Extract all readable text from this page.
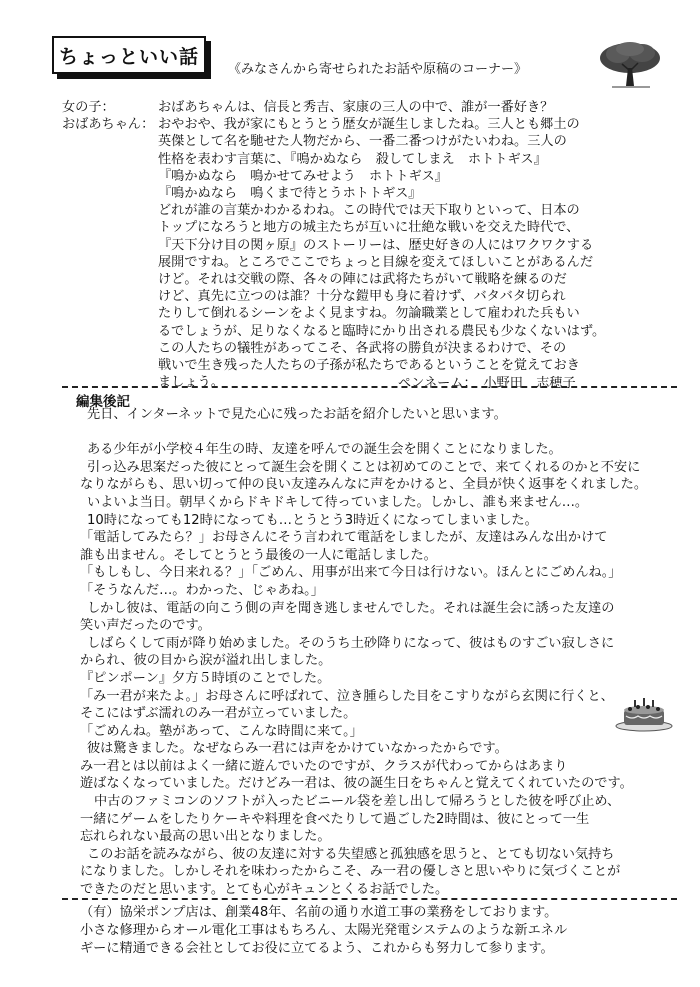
ちょっといい話
《みなさんから寄せられたお話や原稿のコーナー》
女の子：	おばあちゃんは、信長と秀吉、家康の三人の中で、誰が一番好き？

おばあちゃん： おやおや、我が家にもとうとう歴女が誕生しましたね。三人とも郷土の

英傑として名を馳せた人物だから、一番二番つけがたいわね。三人の

性格を表わす言葉に、『鳴かぬなら　殺してしまえ　ホトトギス』

『鳴かぬなら　鳴かせてみせよう　ホトトギス』

『鳴かぬなら　鳴くまで待とうホトトギス』

どれが誰の言葉かわかるわね。この時代では天下取りといって、日本の

トップになろうと地方の城主たちが互いに壮絶な戦いを交えた時代で、

『天下分け目の関ヶ原』のストーリーは、歴史好きの人にはワクワクする

展開ですね。ところでここでちょっと目線を変えてほしいことがあるんだ

けど。それは交戦の際、各々の陣には武将たちがいて戦略を練るのだ

けど、真先に立つのは誰？十分な鎧甲も身に着けず、バタバタ切られ

たりして倒れるシーンをよく見ますね。勿論職業として雇われた兵もい

るでしょうが、足りなくなると臨時にかり出される農民も少なくないはず。

この人たちの犠牲があってこそ、各武将の勝負が決まるわけで、その

戦いで生き残った人たちの子孫が私たちであるということを覚えておき

ましょう。	ペンネーム：　小野田　志穂子
編集後記

先日、インターネットで見た心に残ったお話を紹介したいと思います。

ある少年が小学校４年生の時、友達を呼んでの誕生会を開くことになりました。

引っ込み思案だった彼にとって誕生会を開くことは初めてのことで、来てくれるのかと不安に

なりながらも、思い切って仲の良い友達みんなに声をかけると、全員が快く返事をくれました。

いよいよ当日。朝早くからドキドキして待っていました。しかし、誰も来ません…。

10時になっても12時になっても…とうとう3時近くになってしまいました。

「電話してみたら？」お母さんにそう言われて電話をしましたが、友達はみんな出かけて

誰も出ません。そしてとうとう最後の一人に電話しました。

「もしもし、今日来れる？」「ごめん、用事が出来て今日は行けない。ほんとにごめんね。」

「そうなんだ…。わかった、じゃあね。」

しかし彼は、電話の向こう側の声を聞き逃しませんでした。それは誕生会に誘った友達の

笑い声だったのです。

しばらくして雨が降り始めました。そのうち土砂降りになって、彼はものすごい寂しさに

かられ、彼の目から涙が溢れ出しました。

『ピンポーン』夕方５時頃のことでした。

「み一君が来たよ。」お母さんに呼ばれて、泣き腫らした目をこすりながら玄関に行くと、

そこにはずぶ濡れのみ一君が立っていました。

「ごめんね。塾があって、こんな時間に来て。」

彼は驚きました。なぜならみ一君には声をかけていなかったからです。

み一君とは以前はよく一緒に遊んでいたのですが、クラスが代わってからはあまり

遊ばなくなっていました。だけどみ一君は、彼の誕生日をちゃんと覚えてくれていたのです。

中古のファミコンのソフトが入ったビニール袋を差し出して帰ろうとした彼を呼び止め、

一緒にゲームをしたりケーキや料理を食べたりして過ごした2時間は、彼にとって一生

忘れられない最高の思い出となりました。

このお話を読みながら、彼の友達に対する失望感と孤独感を思うと、とても切ない気持ち

になりました。しかしそれを味わったからこそ、み一君の優しさと思いやりに気づくことが

できたのだと思います。とても心がキュンとくるお話でした。

（有）協栄ポンプ店は、創業48年、名前の通り水道工事の業務をしております。

小さな修理からオール電化工事はもちろん、太陽光発電システムのような新エネル

ギーに精通できる会社としてお役に立てるよう、これからも努力して参ります。
